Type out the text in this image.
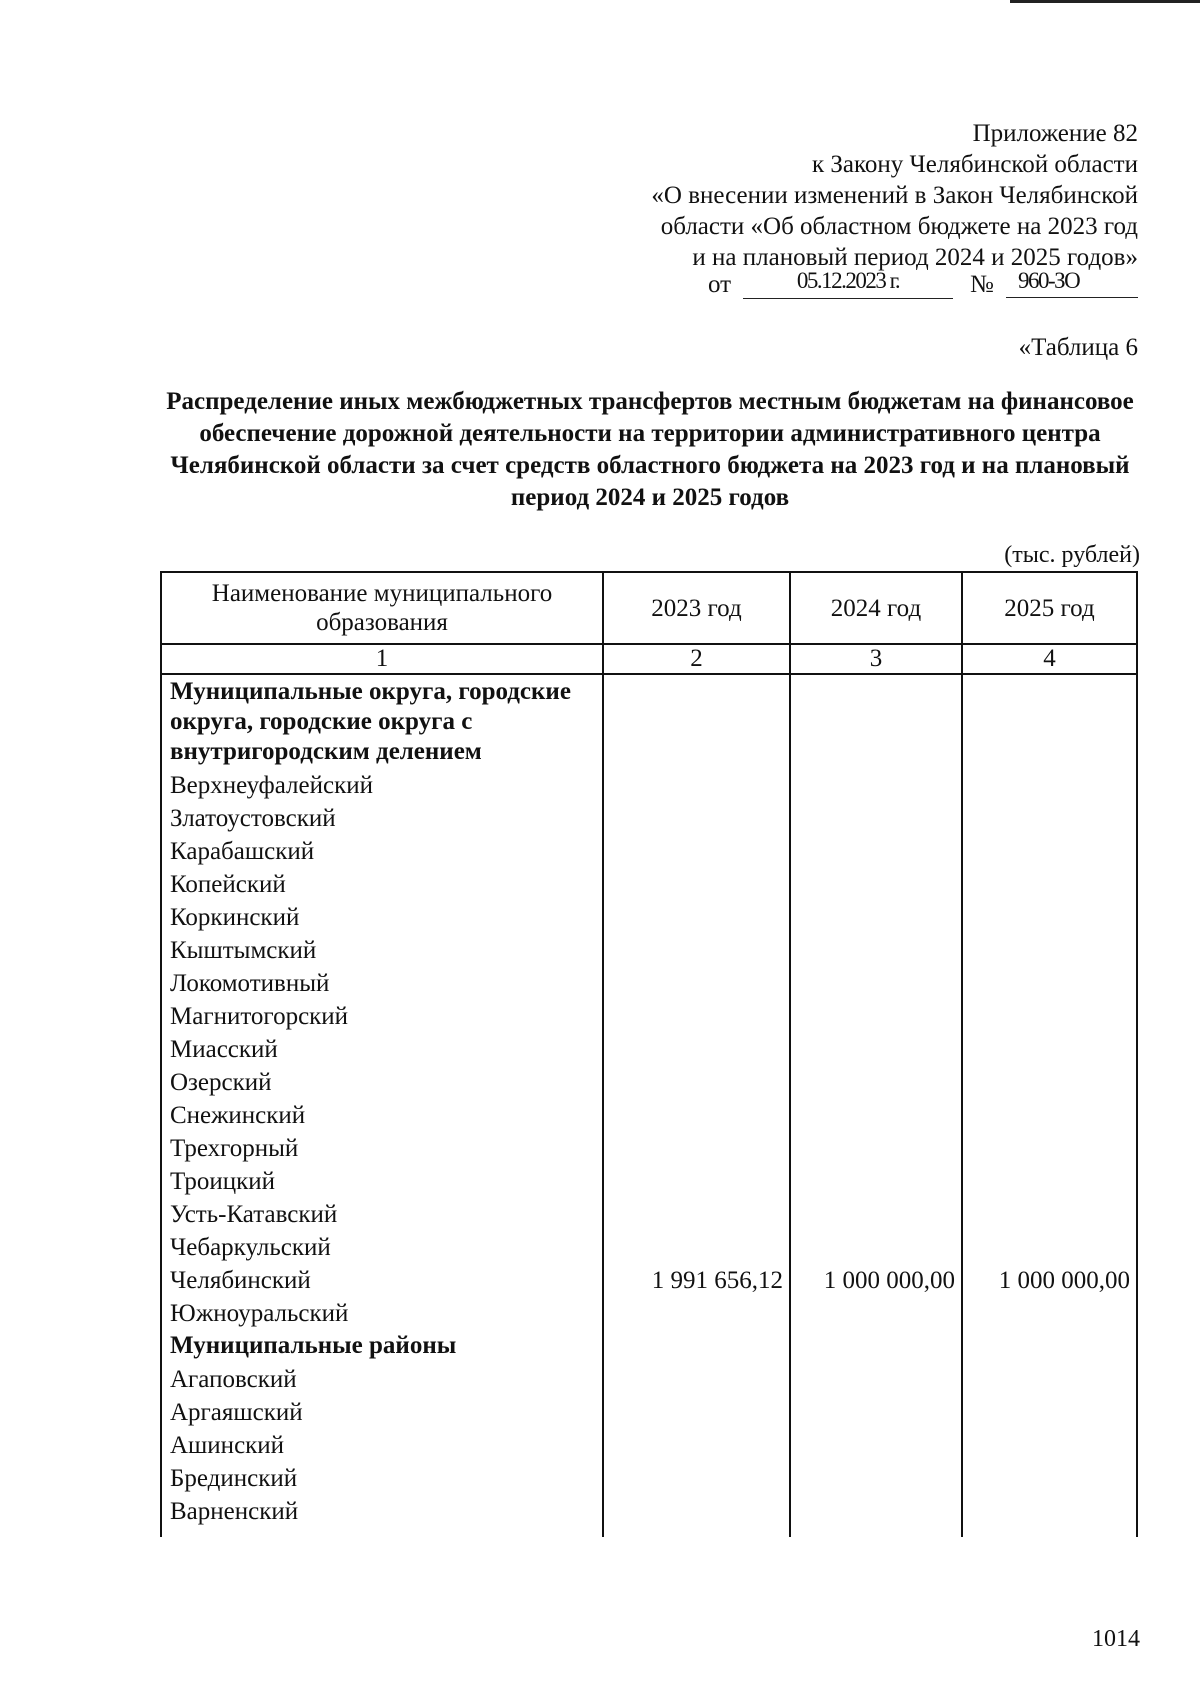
Приложение 82
к Закону Челябинской области
«О внесении изменений в Закон Челябинской
области «Об областном бюджете на 2023 год
и на плановый период 2024 и 2025 годов»
от	05.12.2023 г.	№	960-ЗО
«Таблица 6
Распределение иных межбюджетных трансфертов местным бюджетам на финансовое обеспечение дорожной деятельности на территории административного центра Челябинской области за счет средств областного бюджета на 2023 год и на плановый период 2024 и 2025 годов
(тыс. рублей)
Наименование муниципального образования	2023 год	2024 год	2025 год
1	2	3	4
Муниципальные округа, городские округа, городские округа с внутригородским делением			
Верхнеуфалейский			
Златоустовский			
Карабашский			
Копейский			
Коркинский			
Кыштымский			
Локомотивный			
Магнитогорский			
Миасский			
Озерский			
Снежинский			
Трехгорный			
Троицкий			
Усть-Катавский			
Чебаркульский			
Челябинский	1 991 656,12	1 000 000,00	1 000 000,00
Южноуральский			
Муниципальные районы			
Агаповский			
Аргаяшский			
Ашинский			
Брединский			
Варненский			
1014
